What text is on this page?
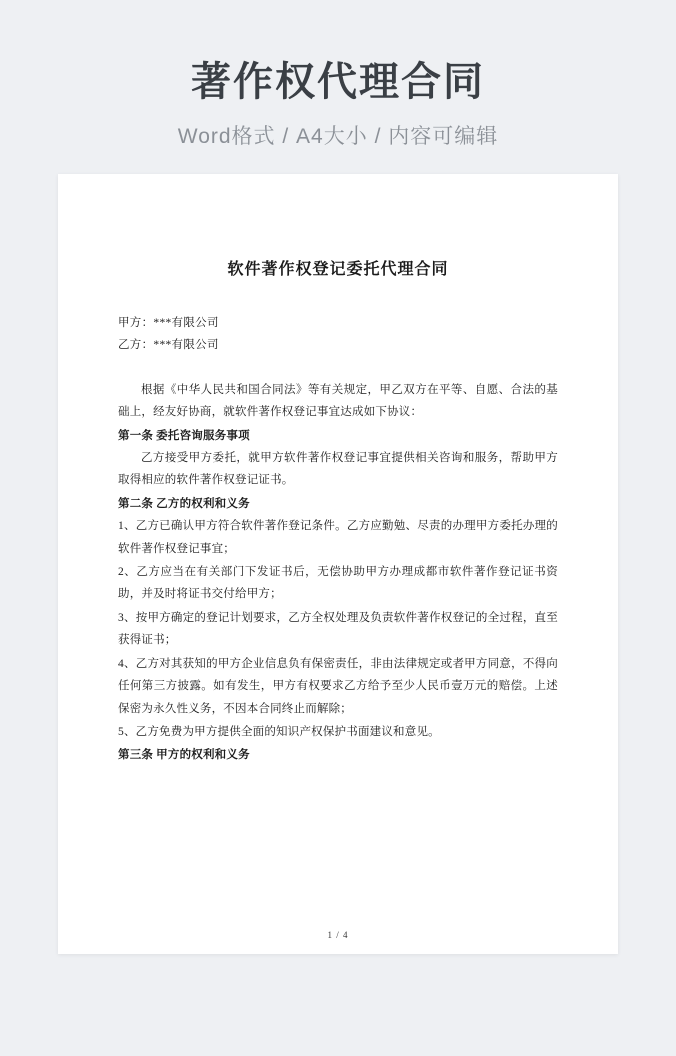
著作权代理合同
Word格式 / A4大小 / 内容可编辑
软件著作权登记委托代理合同

甲方：***有限公司

乙方：***有限公司

根据《中华人民共和国合同法》等有关规定，甲乙双方在平等、自愿、合法的基础上，经友好协商，就软件著作权登记事宜达成如下协议：

第一条 委托咨询服务事项

乙方接受甲方委托，就甲方软件著作权登记事宜提供相关咨询和服务，帮助甲方取得相应的软件著作权登记证书。

第二条 乙方的权利和义务

1、乙方已确认甲方符合软件著作登记条件。乙方应勤勉、尽责的办理甲方委托办理的软件著作权登记事宜；

2、乙方应当在有关部门下发证书后，无偿协助甲方办理成都市软件著作登记证书资助，并及时将证书交付给甲方；

3、按甲方确定的登记计划要求，乙方全权处理及负责软件著作权登记的全过程，直至获得证书；

4、乙方对其获知的甲方企业信息负有保密责任，非由法律规定或者甲方同意，不得向任何第三方披露。如有发生，甲方有权要求乙方给予至少人民币壹万元的赔偿。上述保密为永久性义务，不因本合同终止而解除；

5、乙方免费为甲方提供全面的知识产权保护书面建议和意见。

第三条 甲方的权利和义务

1 / 4
